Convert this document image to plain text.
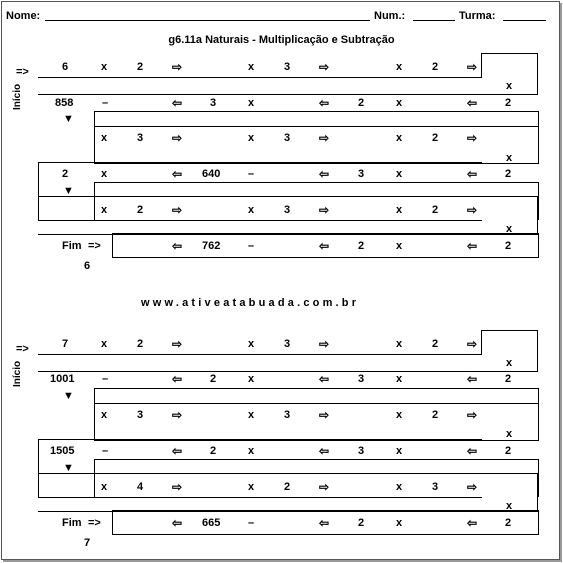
Nome:	Num.:	Turma:
g6.11a Naturais - Multiplicação e Subtração
=>
Início
6	x	2 ⇨	x	3 ⇨	x	2 ⇨
x
858	–	⇦	3	x	⇦	2	x	⇦	2
▼
x	3 ⇨	x	3 ⇨	x	2 ⇨
x
2	x	⇦ 640	–	⇦	3	x	⇦	2
▼
x	2 ⇨	x	3 ⇨	x	2 ⇨
x
Fim =>	⇦ 762	–	⇦	2	x	⇦	2
6
www.ativeatabuada.com.br
=>
Início
7	x	2 ⇨	x	3 ⇨	x	2 ⇨
x
1001	–	⇦	2	x	⇦	3	x	⇦	2
▼
x	3 ⇨	x	3 ⇨	x	2 ⇨
x
1505	–	⇦	2	x	⇦	3	x	⇦	2
▼
x	4 ⇨	x	2 ⇨	x	3 ⇨
x
Fim =>	⇦ 665	–	⇦	2	x	⇦	2
7
